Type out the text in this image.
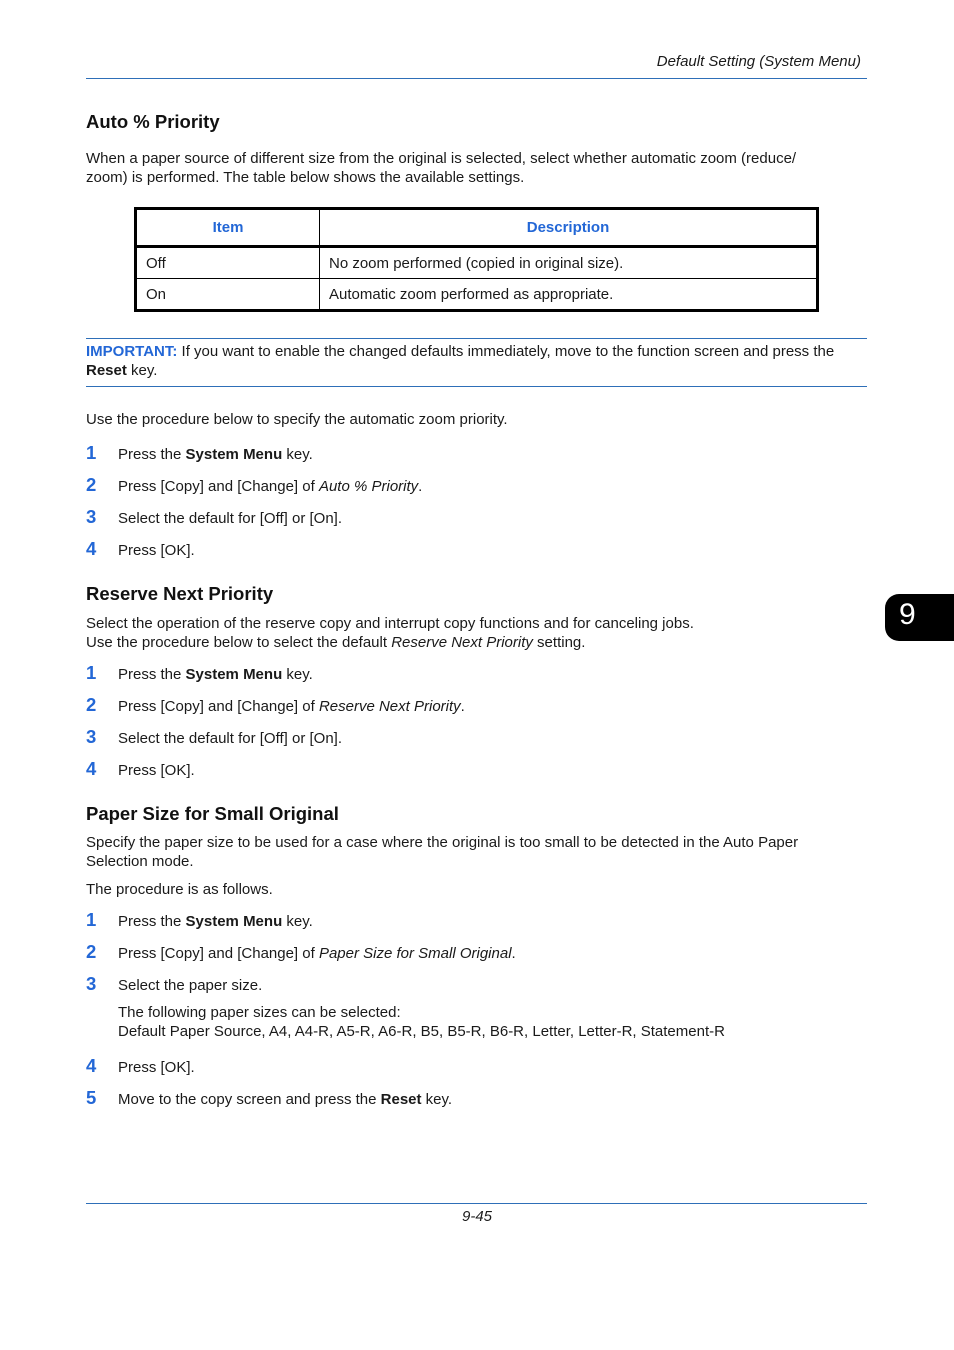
Default Setting (System Menu)
Auto % Priority

When a paper source of different size from the original is selected, select whether automatic zoom (reduce/
zoom) is performed. The table below shows the available settings.

Item	Description
Off	No zoom performed (copied in original size).
On	Automatic zoom performed as appropriate.

IMPORTANT: If you want to enable the changed defaults immediately, move to the function screen and press the Reset key.

Use the procedure below to specify the automatic zoom priority.

1	Press the System Menu key.
2	Press [Copy] and [Change] of Auto % Priority.
3	Select the default for [Off] or [On].
4	Press [OK].
Reserve Next Priority

Select the operation of the reserve copy and interrupt copy functions and for canceling jobs.
Use the procedure below to select the default Reserve Next Priority setting.

1	Press the System Menu key.
2	Press [Copy] and [Change] of Reserve Next Priority.
3	Select the default for [Off] or [On].
4	Press [OK].
Paper Size for Small Original

Specify the paper size to be used for a case where the original is too small to be detected in the Auto Paper
Selection mode.

The procedure is as follows.

1	Press the System Menu key.
2	Press [Copy] and [Change] of Paper Size for Small Original.
3	Select the paper size.

The following paper sizes can be selected:
Default Paper Source, A4, A4-R, A5-R, A6-R, B5, B5-R, B6-R, Letter, Letter-R, Statement-R

4	Press [OK].
5	Move to the copy screen and press the Reset key.
9
9-45
